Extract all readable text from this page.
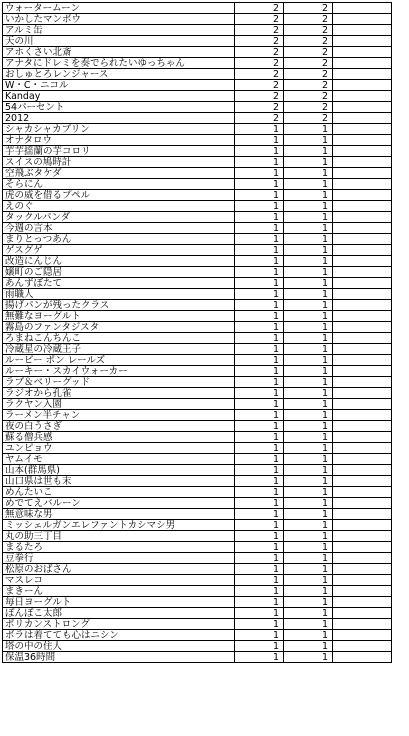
ウォータームーン	2	2	
いかしたマンボウ	2	2	
アルミ缶	2	2	
天の川	2	2	
アホくさい北斎	2	2	
アナタにドレミを奏でられたいゆっちゃん	2	2	
おしゅとろレンジャース	2	2	
W・C・ニコル	2	2	
Kanday	2	2	
54パーセント	2	2	
2012	2	2	
シャカシャカプリン	1	1	
オナタロウ	1	1	
芋芋揺蘭の芋コロリ	1	1	
スイスの鳩時計	1	1	
空飛ぶタケダ	1	1	
そらにん	1	1	
虎の威を借るプペル	1	1	
えのぐ	1	1	
タックルパンダ	1	1	
今週の言本	1	1	
まりとっつあん	1	1	
ゲスグゲ	1	1	
改造にんじん	1	1	
嬢町のご隠居	1	1	
あんずぼたて	1	1	
雨職人	1	1	
揚げパンが残ったクラス	1	1	
無難なヨーグルト	1	1	
霧島のファンタジスタ	1	1	
ろまねこんちんこ	1	1	
冷蔵星の冷蔵王子	1	1	
ルービー ポン レールズ	1	1	
ルーキー・スカイウォーカー	1	1	
ラブ＆ベリーグッド	1	1	
ラジオから孔雀	1	1	
ラクヤン入園	1	1	
ラーメン半チャン	1	1	
夜の白うさぎ	1	1	
蘇る僧兵感	1	1	
ユンピョウ	1	1	
ヤムイモ	1	1	
山本(群馬県)	1	1	
山口県は世も末	1	1	
めんたいこ	1	1	
めでてえバルーン	1	1	
無意味な男	1	1	
ミッシェルガンエレファントカシマシ男	1	1	
丸の助三丁目	1	1	
まるたろ	1	1	
豆拳行	1	1	
松原のおばさん	1	1	
マスレコ	1	1	
まきーん	1	1	
毎日ヨーグルト	1	1	
ぽんぽこ太郎	1	1	
ポリカンストロング	1	1	
ボラは着てても心はニシン	1	1	
塔の中の住人	1	1	
保温36時間	1	1	
